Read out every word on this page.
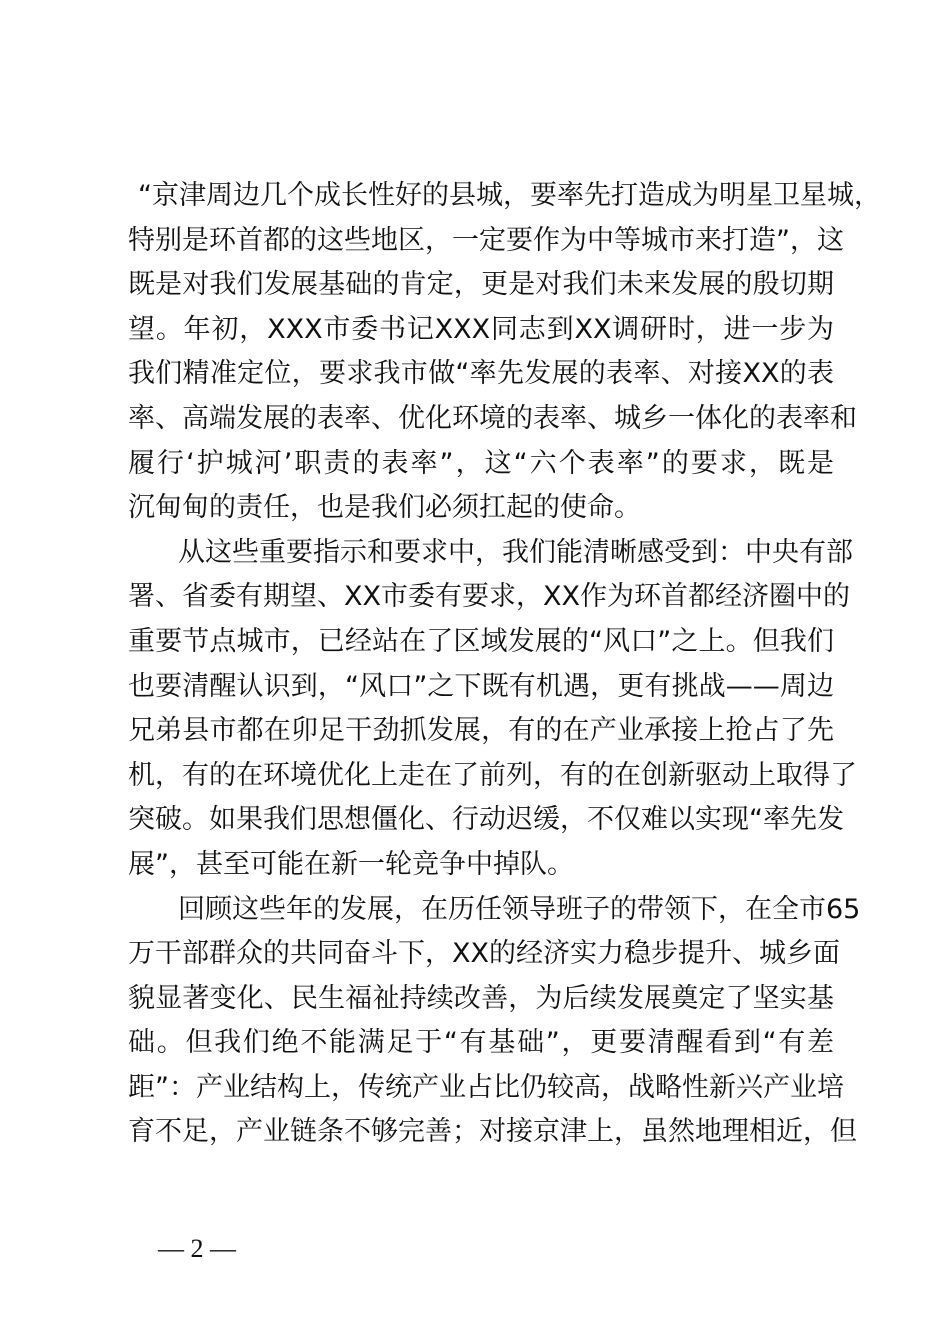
“京津周边几个成长性好的县城，要率先打造成为明星卫星城，
特别是环首都的这些地区，一定要作为中等城市来打造”，这
既是对我们发展基础的肯定，更是对我们未来发展的殷切期
望。年初，XXX市委书记XXX同志到XX调研时，进一步为
我们精准定位，要求我市做“率先发展的表率、对接XX的表
率、高端发展的表率、优化环境的表率、城乡一体化的表率和
履行‘护城河’职责的表率”，这“六个表率”的要求，既是
沉甸甸的责任，也是我们必须扛起的使命。
从这些重要指示和要求中，我们能清晰感受到：中央有部
署、省委有期望、XX市委有要求，XX作为环首都经济圈中的
重要节点城市，已经站在了区域发展的“风口”之上。但我们
也要清醒认识到，“风口”之下既有机遇，更有挑战——周边
兄弟县市都在卯足干劲抓发展，有的在产业承接上抢占了先
机，有的在环境优化上走在了前列，有的在创新驱动上取得了
突破。如果我们思想僵化、行动迟缓，不仅难以实现“率先发
展”，甚至可能在新一轮竞争中掉队。
回顾这些年的发展，在历任领导班子的带领下，在全市65
万干部群众的共同奋斗下，XX的经济实力稳步提升、城乡面
貌显著变化、民生福祉持续改善，为后续发展奠定了坚实基
础。但我们绝不能满足于“有基础”，更要清醒看到“有差
距”：产业结构上，传统产业占比仍较高，战略性新兴产业培
育不足，产业链条不够完善；对接京津上，虽然地理相近，但
— 2 —
